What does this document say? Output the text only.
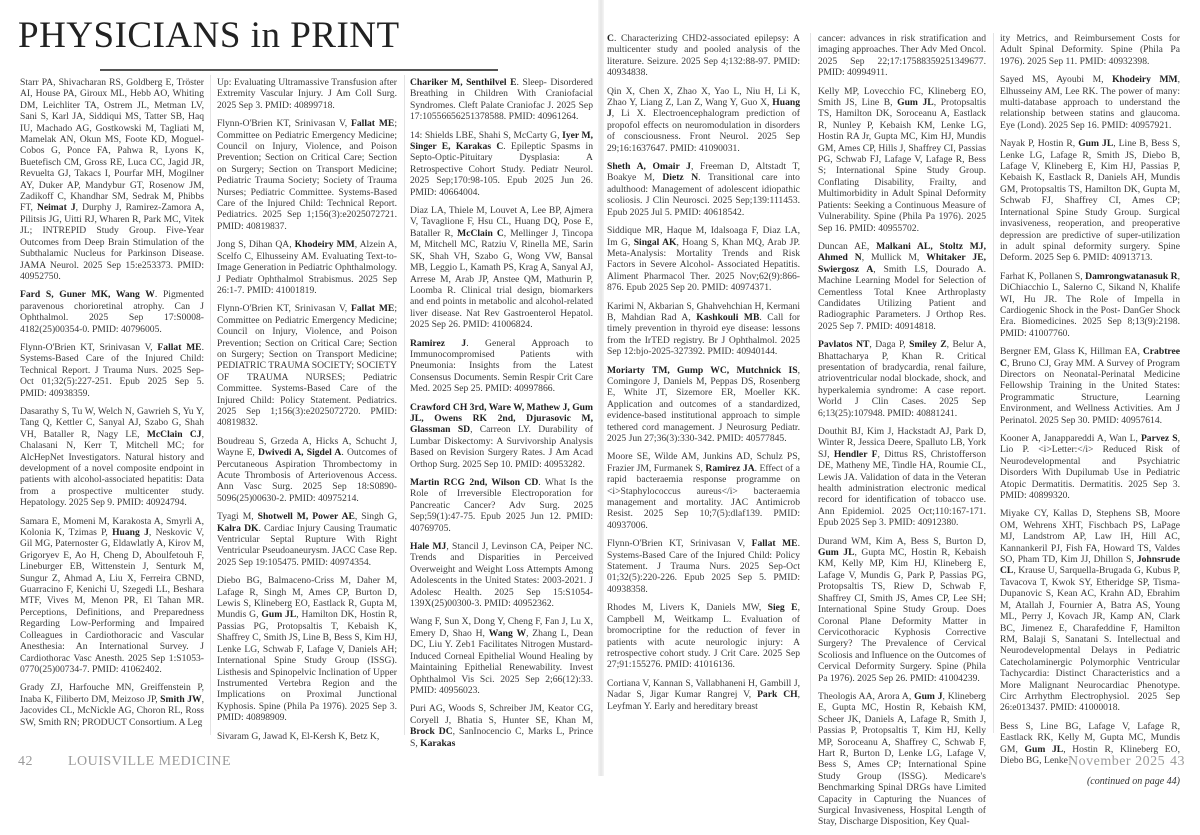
PHYSICIANS in PRINT

Starr PA, Shivacharan RS, Goldberg E, Tröster AI, House PA, Giroux ML, Hebb AO, Whiting DM, Leichliter TA, Ostrem JL, Metman LV, Sani S, Karl JA, Siddiqui MS, Tatter SB, Haq IU, Machado AG, Gostkowski M, Tagliati M, Mamelak AN, Okun MS, Foote KD, Moguel-Cobos G, Ponce FA, Pahwa R, Lyons K, Buetefisch CM, Gross RE, Luca CC, Jagid JR, Revuelta GJ, Takacs I, Pourfar MH, Mogilner AY, Duker AP, Mandybur GT, Rosenow JM, Zadikoff C, Khandhar SM, Sedrak M, Phibbs FT, Neimat J, Durphy J, Ramirez-Zamora A, Pilitsis JG, Uitti RJ, Wharen R, Park MC, Vitek JL; INTREPID Study Group. Five-Year Outcomes from Deep Brain Stimulation of the Subthalamic Nucleus for Parkinson Disease. JAMA Neurol. 2025 Sep 15:e253373. PMID: 40952750.

Fard S, Guner MK, Wang W. Pigmented paravenous chorioretinal atrophy. Can J Ophthalmol. 2025 Sep 17:S0008-4182(25)00354-0. PMID: 40796005.

Flynn-O'Brien KT, Srinivasan V, Fallat ME. Systems-Based Care of the Injured Child: Technical Report. J Trauma Nurs. 2025 Sep-Oct 01;32(5):227-251. Epub 2025 Sep 5. PMID: 40938359.

Dasarathy S, Tu W, Welch N, Gawrieh S, Yu Y, Tang Q, Kettler C, Sanyal AJ, Szabo G, Shah VH, Bataller R, Nagy LE, McClain CJ, Chalasani N, Kerr T, Mitchell MC; for AlcHepNet Investigators. Natural history and development of a novel composite endpoint in patients with alcohol-associated hepatitis: Data from a prospective multicenter study. Hepatology. 2025 Sep 9. PMID: 40924794.

Samara E, Momeni M, Karakosta A, Smyrli A, Kolonia K, Tzimas P, Huang J, Neskovic V, Gil MG, Paternoster G, Eldawlatly A, Kirov M, Grigoryev E, Ao H, Cheng D, Aboulfetouh F, Lineburger EB, Wittenstein J, Senturk M, Sungur Z, Ahmad A, Liu X, Ferreira CBND, Guarracino F, Kenichi U, Szegedi LL, Beshara MTF, Vives M, Menon PR, El Tahan MR. Perceptions, Definitions, and Preparedness Regarding Low-Performing and Impaired Colleagues in Cardiothoracic and Vascular Anesthesia: An International Survey. J Cardiothorac Vasc Anesth. 2025 Sep 1:S1053-0770(25)00734-7. PMID: 41062402.

Grady ZJ, Harfouche MN, Greiffenstein P, Inaba K, Filiberto DM, Meizoso JP, Smith JW, Jacovides CL, McNickle AG, Choron RL, Ross SW, Smith RN; PRODUCT Consortium. A Leg

Up: Evaluating Ultramassive Transfusion after Extremity Vascular Injury. J Am Coll Surg. 2025 Sep 3. PMID: 40899718.

Flynn-O'Brien KT, Srinivasan V, Fallat ME; Committee on Pediatric Emergency Medicine; Council on Injury, Violence, and Poison Prevention; Section on Critical Care; Section on Surgery; Section on Transport Medicine; Pediatric Trauma Society; Society of Trauma Nurses; Pediatric Committee. Systems-Based Care of the Injured Child: Technical Report. Pediatrics. 2025 Sep 1;156(3):e2025072721. PMID: 40819837.

Jong S, Dihan QA, Khodeiry MM, Alzein A, Scelfo C, Elhusseiny AM. Evaluating Text-to-Image Generation in Pediatric Ophthalmology. J Pediatr Ophthalmol Strabismus. 2025 Sep 26:1-7. PMID: 41001819.

Flynn-O'Brien KT, Srinivasan V, Fallat ME; Committee on Pediatric Emergency Medicine; Council on Injury, Violence, and Poison Prevention; Section on Critical Care; Section on Surgery; Section on Transport Medicine; PEDIATRIC TRAUMA SOCIETY; SOCIETY OF TRAUMA NURSES; Pediatric Committee. Systems-Based Care of the Injured Child: Policy Statement. Pediatrics. 2025 Sep 1;156(3):e2025072720. PMID: 40819832.

Boudreau S, Grzeda A, Hicks A, Schucht J, Wayne E, Dwivedi A, Sigdel A. Outcomes of Percutaneous Aspiration Thrombectomy in Acute Thrombosis of Arteriovenous Access. Ann Vasc Surg. 2025 Sep 18:S0890-5096(25)00630-2. PMID: 40975214.

Tyagi M, Shotwell M, Power AE, Singh G, Kalra DK. Cardiac Injury Causing Traumatic Ventricular Septal Rupture With Right Ventricular Pseudoaneurysm. JACC Case Rep. 2025 Sep 19:105475. PMID: 40974354.

Diebo BG, Balmaceno-Criss M, Daher M, Lafage R, Singh M, Ames CP, Burton D, Lewis S, Klineberg EO, Eastlack R, Gupta M, Mundis G, Gum JL, Hamilton DK, Hostin R, Passias PG, Protopsaltis T, Kebaish K, Shaffrey C, Smith JS, Line B, Bess S, Kim HJ, Lenke LG, Schwab F, Lafage V, Daniels AH; International Spine Study Group (ISSG). Listhesis and Spinopelvic Inclination of Upper Instrumented Vertebra Region and the Implications on Proximal Junctional Kyphosis. Spine (Phila Pa 1976). 2025 Sep 3. PMID: 40898909.

Sivaram G, Jawad K, El-Kersh K, Betz K,

Chariker M, Senthilvel E. Sleep- Disordered Breathing in Children With Craniofacial Syndromes. Cleft Palate Craniofac J. 2025 Sep 17:10556656251378588. PMID: 40961264.

14: Shields LBE, Shahi S, McCarty G, Iyer M, Singer E, Karakas C. Epileptic Spasms in Septo-Optic-Pituitary Dysplasia: A Retrospective Cohort Study. Pediatr Neurol. 2025 Sep;170:98-105. Epub 2025 Jun 26. PMID: 40664004.

Diaz LA, Thiele M, Louvet A, Lee BP, Ajmera V, Tavaglione F, Hsu CL, Huang DQ, Pose E, Bataller R, McClain C, Mellinger J, Tincopa M, Mitchell MC, Ratziu V, Rinella ME, Sarin SK, Shah VH, Szabo G, Wong VW, Bansal MB, Leggio L, Kamath PS, Krag A, Sanyal AJ, Arrese M, Arab JP, Anstee QM, Mathurin P, Loomba R. Clinical trial design, biomarkers and end points in metabolic and alcohol-related liver disease. Nat Rev Gastroenterol Hepatol. 2025 Sep 26. PMID: 41006824.

Ramirez J. General Approach to Immunocompromised Patients with Pneumonia: Insights from the Latest Consensus Documents. Semin Respir Crit Care Med. 2025 Sep 25. PMID: 40997866.

Crawford CH 3rd, Ware W, Mathew J, Gum JL, Owens RK 2nd, Djurasovic M, Glassman SD, Carreon LY. Durability of Lumbar Diskectomy: A Survivorship Analysis Based on Revision Surgery Rates. J Am Acad Orthop Surg. 2025 Sep 10. PMID: 40953282.

Martin RCG 2nd, Wilson CD. What Is the Role of Irreversible Electroporation for Pancreatic Cancer? Adv Surg. 2025 Sep;59(1):47-75. Epub 2025 Jun 12. PMID: 40769705.

Hale MJ, Stancil J, Levinson CA, Peiper NC. Trends and Disparities in Perceived Overweight and Weight Loss Attempts Among Adolescents in the United States: 2003-2021. J Adolesc Health. 2025 Sep 15:S1054-139X(25)00300-3. PMID: 40952362.

Wang F, Sun X, Dong Y, Cheng F, Fan J, Lu X, Emery D, Shao H, Wang W, Zhang L, Dean DC, Liu Y. Zeb1 Facilitates Nitrogen Mustard-Induced Corneal Epithelial Wound Healing by Maintaining Epithelial Renewability. Invest Ophthalmol Vis Sci. 2025 Sep 2;66(12):33. PMID: 40956023.

Puri AG, Woods S, Schreiber JM, Keator CG, Coryell J, Bhatia S, Hunter SE, Khan M, Brock DC, SanInocencio C, Marks L, Prince S, Karakas

C. Characterizing CHD2-associated epilepsy: A multicenter study and pooled analysis of the literature. Seizure. 2025 Sep 4;132:88-97. PMID: 40934838.

Qin X, Chen X, Zhao X, Yao L, Niu H, Li K, Zhao Y, Liang Z, Lan Z, Wang Y, Guo X, Huang J, Li X. Electroencephalogram prediction of propofol effects on neuromodulation in disorders of consciousness. Front Neurol. 2025 Sep 29;16:1637647. PMID: 41090031.

Sheth A, Omair J, Freeman D, Altstadt T, Boakye M, Dietz N. Transitional care into adulthood: Management of adolescent idiopathic scoliosis. J Clin Neurosci. 2025 Sep;139:111453. Epub 2025 Jul 5. PMID: 40618542.

Siddique MR, Haque M, Idalsoaga F, Diaz LA, Im G, Singal AK, Hoang S, Khan MQ, Arab JP. Meta-Analysis: Mortality Trends and Risk Factors in Severe Alcohol- Associated Hepatitis. Aliment Pharmacol Ther. 2025 Nov;62(9):866-876. Epub 2025 Sep 20. PMID: 40974371.

Karimi N, Akbarian S, Ghahvehchian H, Kermani B, Mahdian Rad A, Kashkouli MB. Call for timely prevention in thyroid eye disease: lessons from the IrTED registry. Br J Ophthalmol. 2025 Sep 12:bjo-2025-327392. PMID: 40940144.

Moriarty TM, Gump WC, Mutchnick IS, Comingore J, Daniels M, Peppas DS, Rosenberg E, White JT, Sizemore ER, Moeller KK. Application and outcomes of a standardized, evidence-based institutional approach to simple tethered cord management. J Neurosurg Pediatr. 2025 Jun 27;36(3):330-342. PMID: 40577845.

Moore SE, Wilde AM, Junkins AD, Schulz PS, Frazier JM, Furmanek S, Ramirez JA. Effect of a rapid bacteraemia response programme on <i>Staphylococcus aureus</i> bacteraemia management and mortality. JAC Antimicrob Resist. 2025 Sep 10;7(5):dlaf139. PMID: 40937006.

Flynn-O'Brien KT, Srinivasan V, Fallat ME. Systems-Based Care of the Injured Child: Policy Statement. J Trauma Nurs. 2025 Sep-Oct 01;32(5):220-226. Epub 2025 Sep 5. PMID: 40938358.

Rhodes M, Livers K, Daniels MW, Sieg E, Campbell M, Weitkamp L. Evaluation of bromocriptine for the reduction of fever in patients with acute neurologic injury: A retrospective cohort study. J Crit Care. 2025 Sep 27;91:155276. PMID: 41016136.

Cortiana V, Kannan S, Vallabhaneni H, Gambill J, Nadar S, Jigar Kumar Rangrej V, Park CH, Leyfman Y. Early and hereditary breast

cancer: advances in risk stratification and imaging approaches. Ther Adv Med Oncol. 2025 Sep 22;17:17588359251349677. PMID: 40994911.

Kelly MP, Lovecchio FC, Klineberg EO, Smith JS, Line B, Gum JL, Protopsaltis TS, Hamilton DK, Soroceanu A, Eastlack R, Nunley P, Kebaish KM, Lenke LG, Hostin RA Jr, Gupta MC, Kim HJ, Mundis GM, Ames CP, Hills J, Shaffrey CI, Passias PG, Schwab FJ, Lafage V, Lafage R, Bess S; International Spine Study Group. Conflating Disability, Frailty, and Multimorbidity in Adult Spinal Deformity Patients: Seeking a Continuous Measure of Vulnerability. Spine (Phila Pa 1976). 2025 Sep 16. PMID: 40955702.

Duncan AE, Malkani AL, Stoltz MJ, Ahmed N, Mullick M, Whitaker JE, Swiergosz A, Smith LS, Dourado A. Machine Learning Model for Selection of Cementless Total Knee Arthroplasty Candidates Utilizing Patient and Radiographic Parameters. J Orthop Res. 2025 Sep 7. PMID: 40914818.

Pavlatos NT, Daga P, Smiley Z, Belur A, Bhattacharya P, Khan R. Critical presentation of bradycardia, renal failure, atrioventricular nodal blockade, shock, and hyperkalemia syndrome: A case report. World J Clin Cases. 2025 Sep 6;13(25):107948. PMID: 40881241.

Douthit BJ, Kim J, Hackstadt AJ, Park D, Winter R, Jessica Deere, Spalluto LB, York SJ, Hendler F, Dittus RS, Christofferson DE, Matheny ME, Tindle HA, Roumie CL, Lewis JA. Validation of data in the Veteran health administration electronic medical record for identification of tobacco use. Ann Epidemiol. 2025 Oct;110:167-171. Epub 2025 Sep 3. PMID: 40912380.

Durand WM, Kim A, Bess S, Burton D, Gum JL, Gupta MC, Hostin R, Kebaish KM, Kelly MP, Kim HJ, Klineberg E, Lafage V, Mundis G, Park P, Passias PG, Protopsaltis TS, Riew D, Schwab F, Shaffrey CI, Smith JS, Ames CP, Lee SH; International Spine Study Group. Does Coronal Plane Deformity Matter in Cervicothoracic Kyphosis Corrective Surgery? The Prevalence of Cervical Scoliosis and Influence on the Outcomes of Cervical Deformity Surgery. Spine (Phila Pa 1976). 2025 Sep 26. PMID: 41004239.

Theologis AA, Arora A, Gum J, Klineberg E, Gupta MC, Hostin R, Kebaish KM, Scheer JK, Daniels A, Lafage R, Smith J, Passias P, Protopsaltis T, Kim HJ, Kelly MP, Soroceanu A, Shaffrey C, Schwab F, Hart R, Burton D, Lenke LG, Lafage V, Bess S, Ames CP; International Spine Study Group (ISSG). Medicare's Benchmarking Spinal DRGs have Limited Capacity in Capturing the Nuances of Surgical Invasiveness, Hospital Length of Stay, Discharge Disposition, Key Qual-

ity Metrics, and Reimbursement Costs for Adult Spinal Deformity. Spine (Phila Pa 1976). 2025 Sep 11. PMID: 40932398.

Sayed MS, Ayoubi M, Khodeiry MM, Elhusseiny AM, Lee RK. The power of many: multi-database approach to understand the relationship between statins and glaucoma. Eye (Lond). 2025 Sep 16. PMID: 40957921.

Nayak P, Hostin R, Gum JL, Line B, Bess S, Lenke LG, Lafage R, Smith JS, Diebo B, Lafage V, Klineberg E, Kim HJ, Passias P, Kebaish K, Eastlack R, Daniels AH, Mundis GM, Protopsaltis TS, Hamilton DK, Gupta M, Schwab FJ, Shaffrey CI, Ames CP; International Spine Study Group. Surgical invasiveness, reoperation, and preoperative depression are predictive of super-utilization in adult spinal deformity surgery. Spine Deform. 2025 Sep 6. PMID: 40913713.

Farhat K, Pollanen S, Damrongwatanasuk R, DiChiacchio L, Salerno C, Sikand N, Khalife WI, Hu JR. The Role of Impella in Cardiogenic Shock in the Post- DanGer Shock Era. Biomedicines. 2025 Sep 8;13(9):2198. PMID: 41007760.

Bergner EM, Glass K, Hillman EA, Crabtree C, Bruno CJ, Gray MM. A Survey of Program Directors on Neonatal-Perinatal Medicine Fellowship Training in the United States: Programmatic Structure, Learning Environment, and Wellness Activities. Am J Perinatol. 2025 Sep 30. PMID: 40957614.

Kooner A, Janappareddi A, Wan L, Parvez S, Lio P. <i>Letter:</i> Reduced Risk of Neurodevelopmental and Psychiatric Disorders With Dupilumab Use in Pediatric Atopic Dermatitis. Dermatitis. 2025 Sep 3. PMID: 40899320.

Miyake CY, Kallas D, Stephens SB, Moore OM, Wehrens XHT, Fischbach PS, LaPage MJ, Landstrom AP, Law IH, Hill AC, Kannankeril PJ, Fish FA, Howard TS, Valdes SO, Pham TD, Kim JJ, Dhillon S, Johnsrude CL, Krause U, Sarquella-Brugada G, Kubus P, Tavacova T, Kwok SY, Etheridge SP, Tisma-Dupanovic S, Kean AC, Krahn AD, Ebrahim M, Atallah J, Fournier A, Batra AS, Young ML, Perry J, Kovach JR, Kamp AN, Clark BC, Jimenez E, Charafeddine F, Hamilton RM, Balaji S, Sanatani S. Intellectual and Neurodevelopmental Delays in Pediatric Catecholaminergic Polymorphic Ventricular Tachycardia: Distinct Characteristics and a More Malignant Neurocardiac Phenotype. Circ Arrhythm Electrophysiol. 2025 Sep 26:e013437. PMID: 41000018.

Bess S, Line BG, Lafage V, Lafage R, Eastlack RK, Kelly M, Gupta MC, Mundis GM, Gum JL, Hostin R, Klineberg EO, Diebo BG, Lenke

(continued on page 44)
42	LOUISVILLE MEDICINE	November 2025 43
